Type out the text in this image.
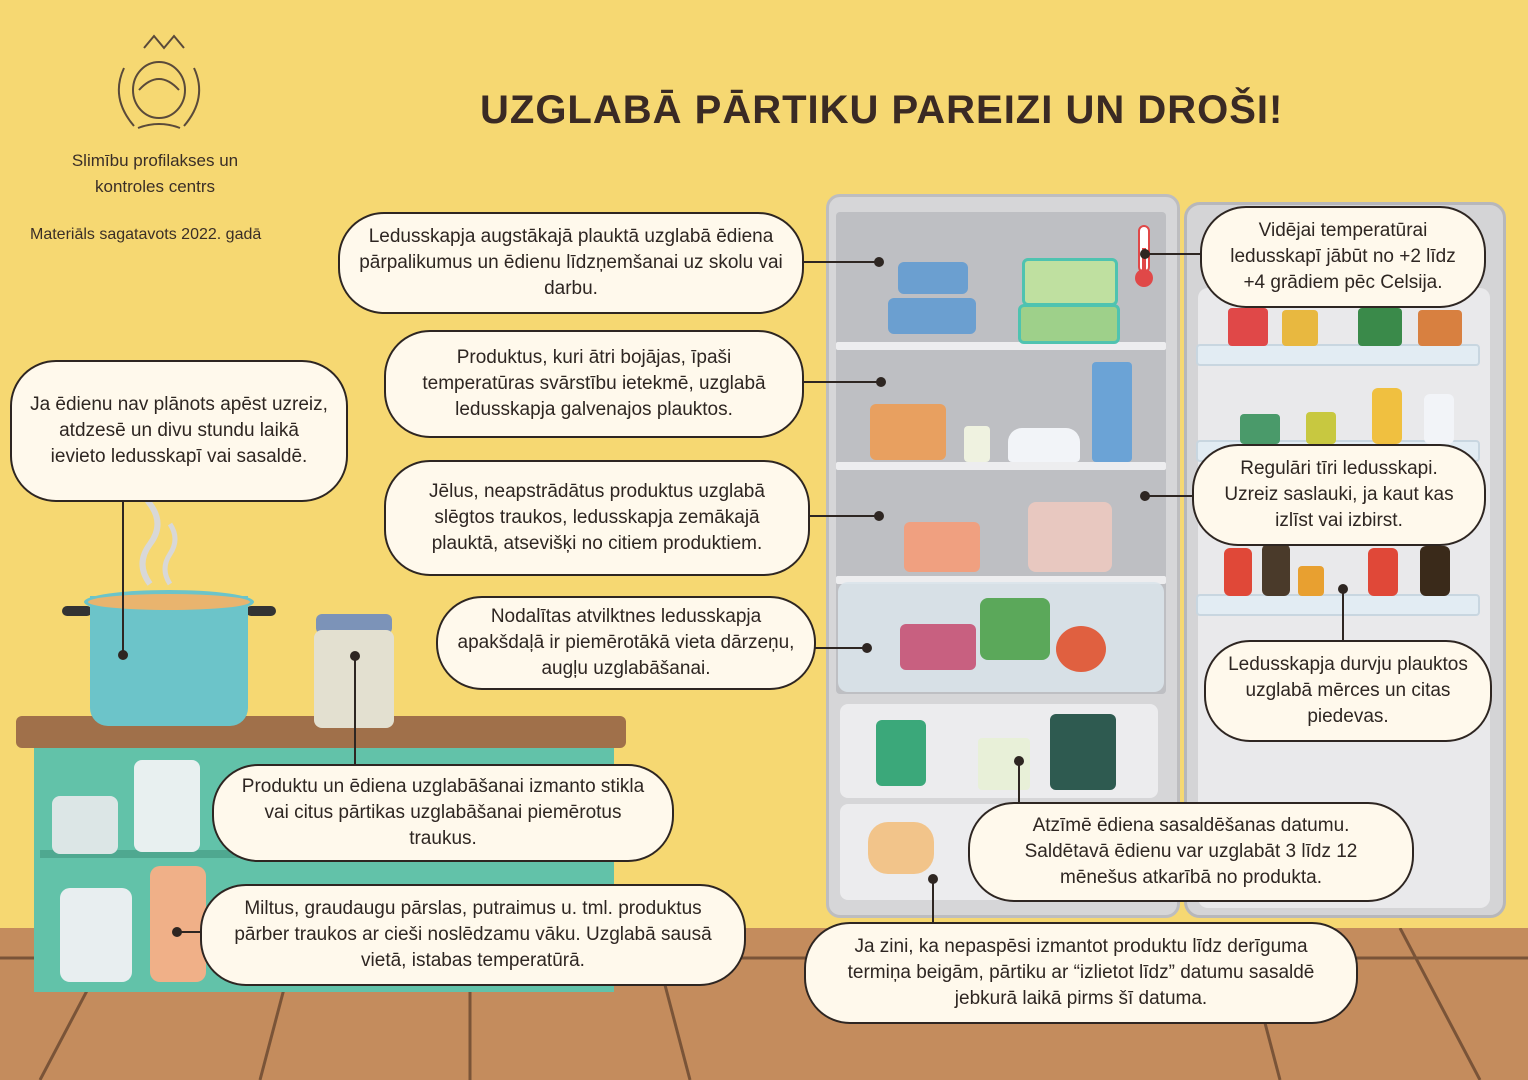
Slimību profilakses un
kontroles centrs
Materiāls sagatavots 2022. gadā
UZGLABĀ PĀRTIKU PAREIZI UN DROŠI!
Ledusskapja augstākajā plauktā uzglabā ēdiena pārpalikumus un ēdienu līdzņemšanai uz skolu vai darbu.
Produktus, kuri ātri bojājas, īpaši temperatūras svārstību ietekmē, uzglabā ledusskapja galvenajos plauktos.
Jēlus, neapstrādātus produktus uzglabā slēgtos traukos, ledusskapja zemākajā plauktā, atsevišķi no citiem produktiem.
Nodalītas atvilktnes ledusskapja apakšdaļā ir piemērotākā vieta dārzeņu, augļu uzglabāšanai.
Vidējai temperatūrai ledusskapī jābūt no +2 līdz +4 grādiem pēc Celsija.
Regulāri tīri ledusskapi. Uzreiz saslauki, ja kaut kas izlīst vai izbirst.
Ledusskapja durvju plauktos uzglabā mērces un citas piedevas.
Ja ēdienu nav plānots apēst uzreiz, atdzesē un divu stundu laikā ievieto ledusskapī vai sasaldē.
Produktu un ēdiena uzglabāšanai izmanto stikla vai citus pārtikas uzglabāšanai piemērotus traukus.
Miltus, graudaugu pārslas, putraimus u. tml. produktus pārber traukos ar cieši noslēdzamu vāku. Uzglabā sausā vietā, istabas temperatūrā.
Atzīmē ēdiena sasaldēšanas datumu. Saldētavā ēdienu var uzglabāt 3 līdz 12 mēnešus atkarībā no produkta.
Ja zini, ka nepaspēsi izmantot produktu līdz derīguma termiņa beigām, pārtiku ar “izlietot līdz” datumu sasaldē jebkurā laikā pirms šī datuma.
